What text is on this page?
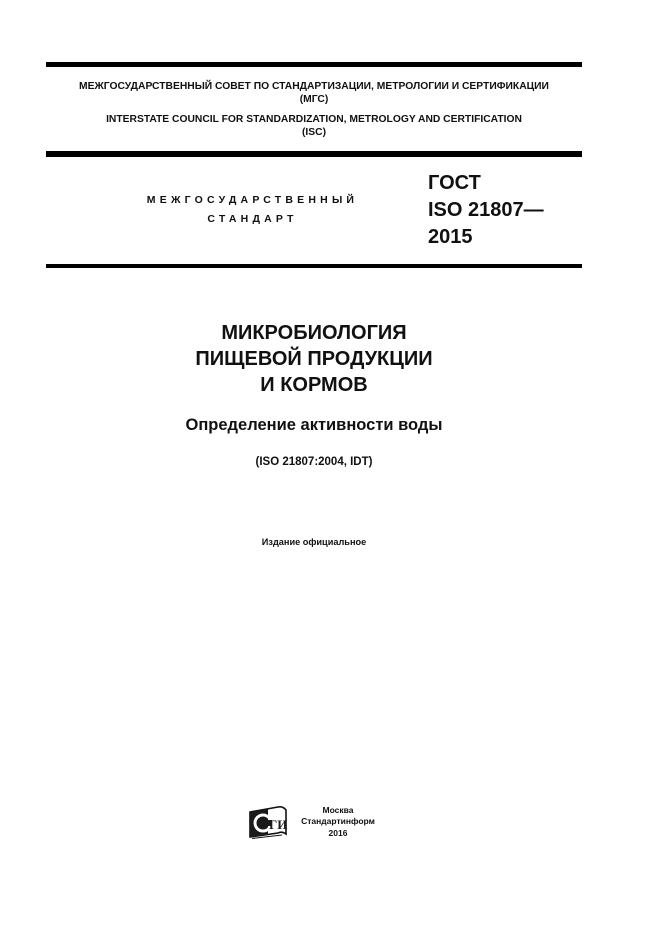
МЕЖГОСУДАРСТВЕННЫЙ СОВЕТ ПО СТАНДАРТИЗАЦИИ, МЕТРОЛОГИИ И СЕРТИФИКАЦИИ
(МГС)
INTERSTATE COUNCIL FOR STANDARDIZATION, METROLOGY AND CERTIFICATION
(ISC)
МЕЖГОСУДАРСТВЕННЫЙ
СТАНДАРТ
ГОСТ
ISO 21807—
2015
МИКРОБИОЛОГИЯ
ПИЩЕВОЙ ПРОДУКЦИИ
И КОРМОВ
Определение активности воды
(ISO 21807:2004, IDT)
Издание официальное
ГИ
Москва
Стандартинформ
2016
